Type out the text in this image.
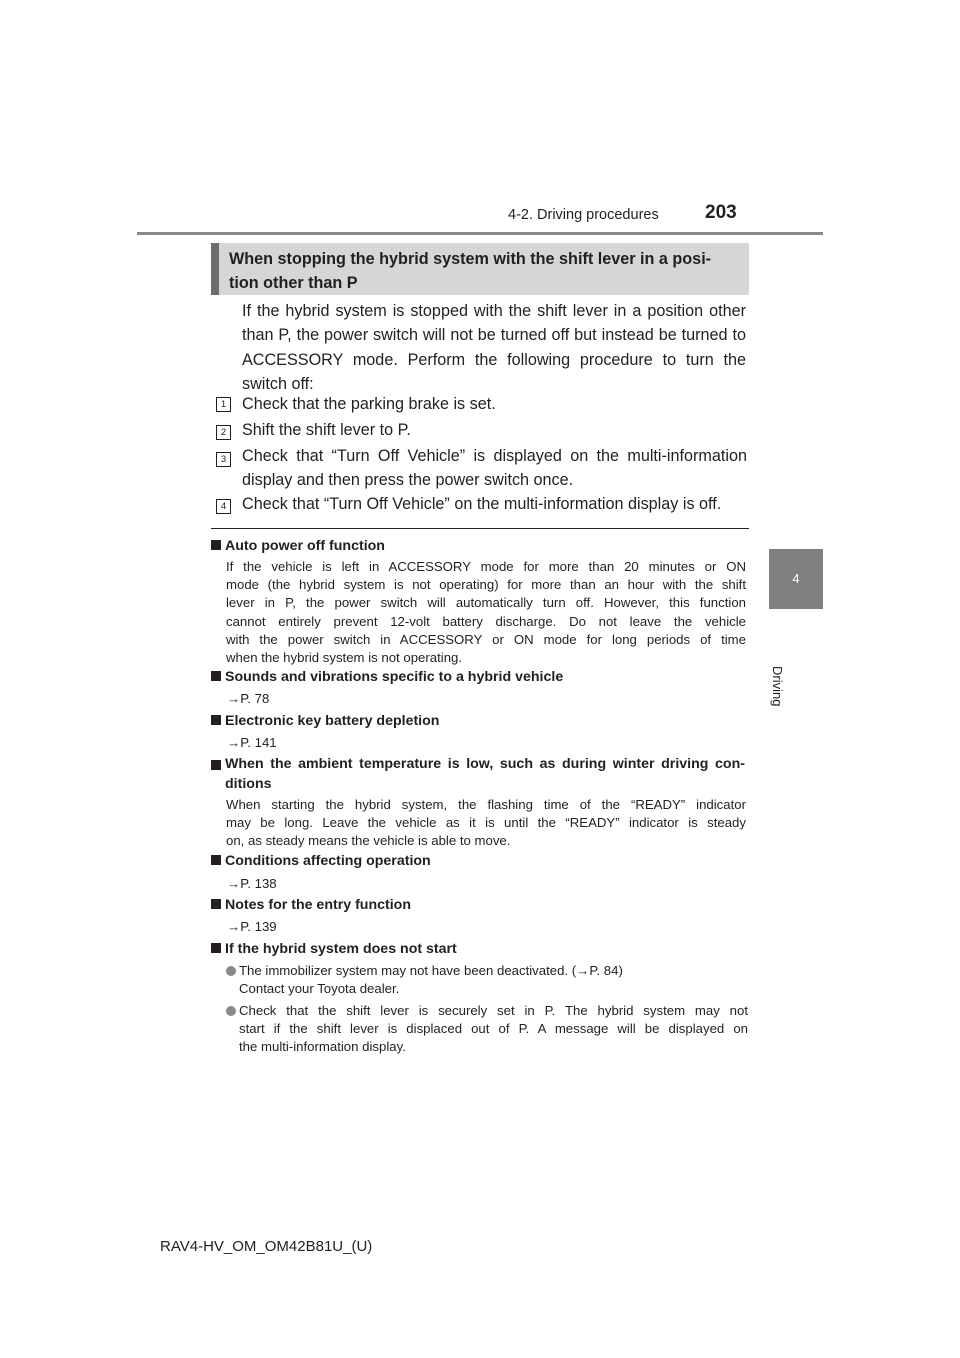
4-2. Driving procedures 203
4
Driving

When stopping the hybrid system with the shift lever in a posi-

tion other than P

If the hybrid system is stopped with the shift lever in a position other
than P, the power switch will not be turned off but instead be turned to
ACCESSORY mode. Perform the following procedure to turn the
switch off:
1 Check that the parking brake is set.
2 Shift the shift lever to P.
3 Check that “Turn Off Vehicle” is displayed on the multi-information
display and then press the power switch once.
4 Check that “Turn Off Vehicle” on the multi-information display is off.
Auto power off function
If the vehicle is left in ACCESSORY mode for more than 20 minutes or ON
mode (the hybrid system is not operating) for more than an hour with the shift
lever in P, the power switch will automatically turn off. However, this function
cannot entirely prevent 12-volt battery discharge. Do not leave the vehicle
with the power switch in ACCESSORY or ON mode for long periods of time
when the hybrid system is not operating.
Sounds and vibrations specific to a hybrid vehicle
→P. 78
Electronic key battery depletion
→P. 141
When the ambient temperature is low, such as during winter driving con-
ditions
When starting the hybrid system, the flashing time of the “READY” indicator
may be long. Leave the vehicle as it is until the “READY” indicator is steady
on, as steady means the vehicle is able to move.
Conditions affecting operation
→P. 138
Notes for the entry function
→P. 139
If the hybrid system does not start
The immobilizer system may not have been deactivated. (→P. 84)
Contact your Toyota dealer.
Check that the shift lever is securely set in P. The hybrid system may not
start if the shift lever is displaced out of P. A message will be displayed on
the multi-information display.
RAV4-HV_OM_OM42B81U_(U)
